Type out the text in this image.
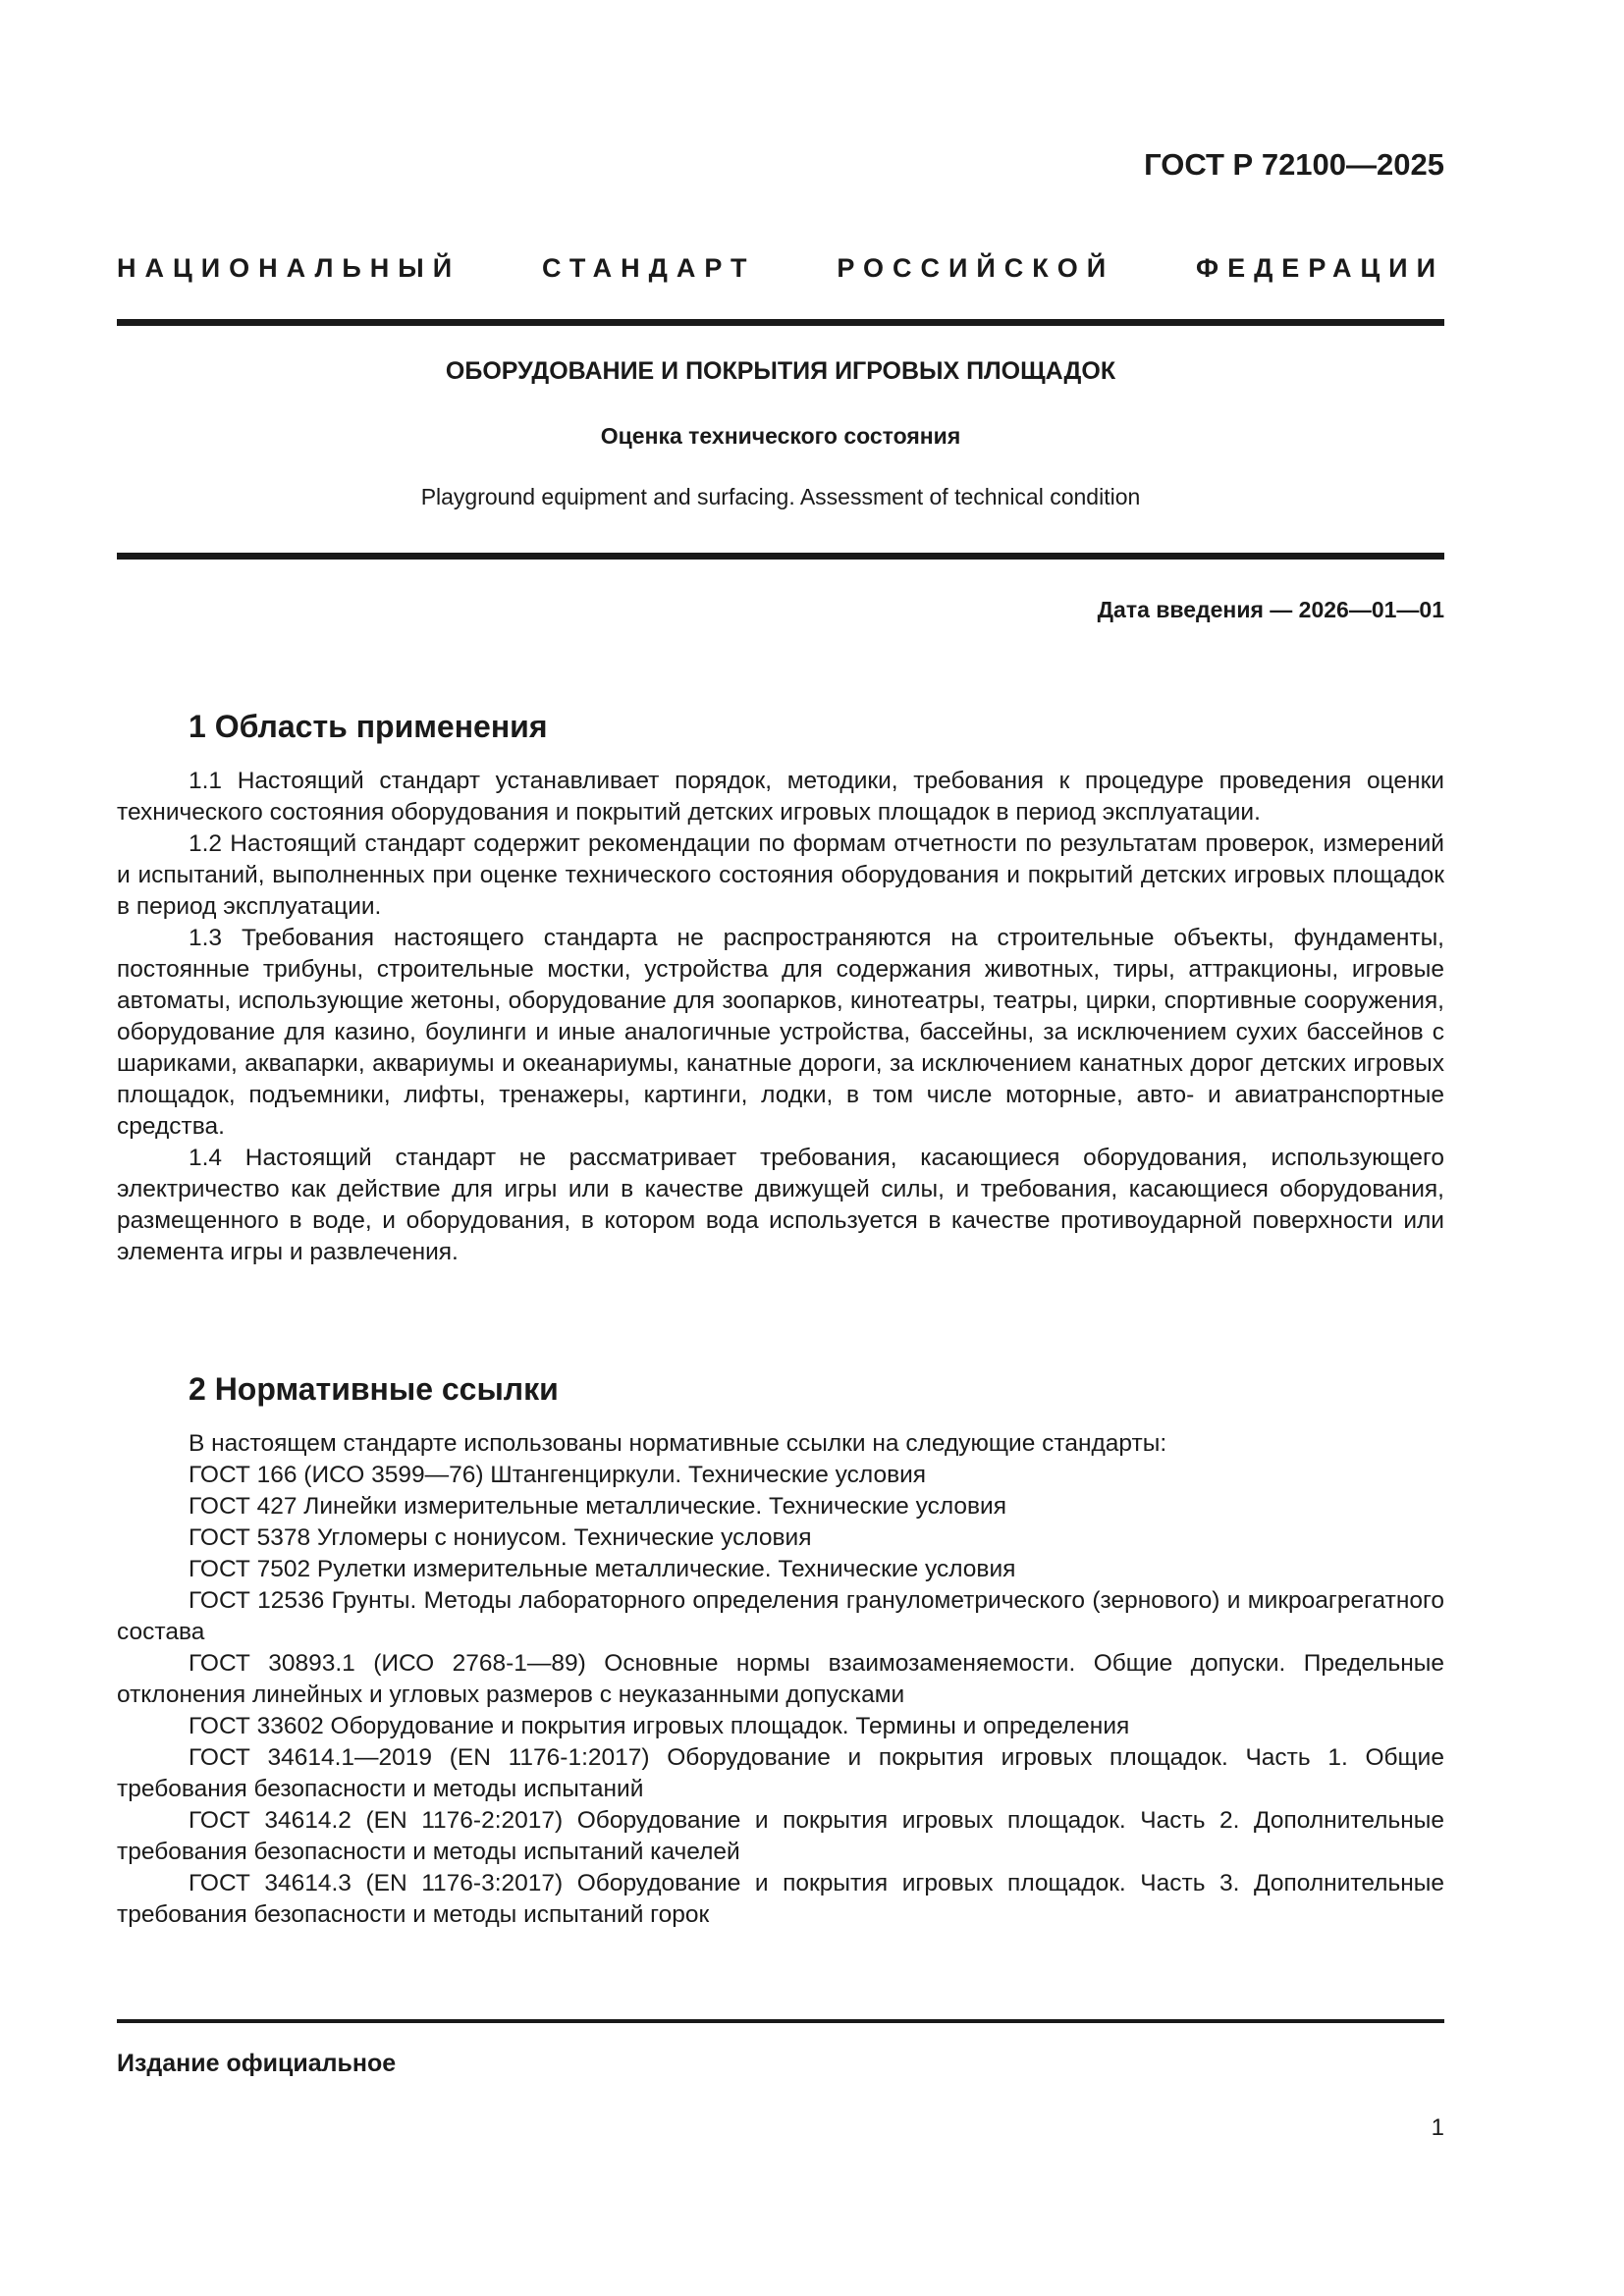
ГОСТ Р 72100—2025
НАЦИОНАЛЬНЫЙ СТАНДАРТ РОССИЙСКОЙ ФЕДЕРАЦИИ
ОБОРУДОВАНИЕ И ПОКРЫТИЯ ИГРОВЫХ ПЛОЩАДОК
Оценка технического состояния
Playground equipment and surfacing. Assessment of technical condition
Дата введения — 2026—01—01
1 Область применения

1.1 Настоящий стандарт устанавливает порядок, методики, требования к процедуре проведения оценки технического состояния оборудования и покрытий детских игровых площадок в период эксплуатации.

1.2 Настоящий стандарт содержит рекомендации по формам отчетности по результатам проверок, измерений и испытаний, выполненных при оценке технического состояния оборудования и покрытий детских игровых площадок в период эксплуатации.

1.3 Требования настоящего стандарта не распространяются на строительные объекты, фундаменты, постоянные трибуны, строительные мостки, устройства для содержания животных, тиры, аттракционы, игровые автоматы, использующие жетоны, оборудование для зоопарков, кинотеатры, театры, цирки, спортивные сооружения, оборудование для казино, боулинги и иные аналогичные устройства, бассейны, за исключением сухих бассейнов с шариками, аквапарки, аквариумы и океанариумы, канатные дороги, за исключением канатных дорог детских игровых площадок, подъемники, лифты, тренажеры, картинги, лодки, в том числе моторные, авто- и авиатранспортные средства.

1.4 Настоящий стандарт не рассматривает требования, касающиеся оборудования, использующего электричество как действие для игры или в качестве движущей силы, и требования, касающиеся оборудования, размещенного в воде, и оборудования, в котором вода используется в качестве противоударной поверхности или элемента игры и развлечения.

2 Нормативные ссылки

В настоящем стандарте использованы нормативные ссылки на следующие стандарты:

ГОСТ 166 (ИСО 3599—76) Штангенциркули. Технические условия

ГОСТ 427 Линейки измерительные металлические. Технические условия

ГОСТ 5378 Угломеры с нониусом. Технические условия

ГОСТ 7502 Рулетки измерительные металлические. Технические условия

ГОСТ 12536 Грунты. Методы лабораторного определения гранулометрического (зернового) и микроагрегатного состава

ГОСТ 30893.1 (ИСО 2768-1—89) Основные нормы взаимозаменяемости. Общие допуски. Предельные отклонения линейных и угловых размеров с неуказанными допусками

ГОСТ 33602 Оборудование и покрытия игровых площадок. Термины и определения

ГОСТ 34614.1—2019 (EN 1176-1:2017) Оборудование и покрытия игровых площадок. Часть 1. Общие требования безопасности и методы испытаний

ГОСТ 34614.2 (EN 1176-2:2017) Оборудование и покрытия игровых площадок. Часть 2. Дополнительные требования безопасности и методы испытаний качелей

ГОСТ 34614.3 (EN 1176-3:2017) Оборудование и покрытия игровых площадок. Часть 3. Дополнительные требования безопасности и методы испытаний горок

Издание официальное
1
